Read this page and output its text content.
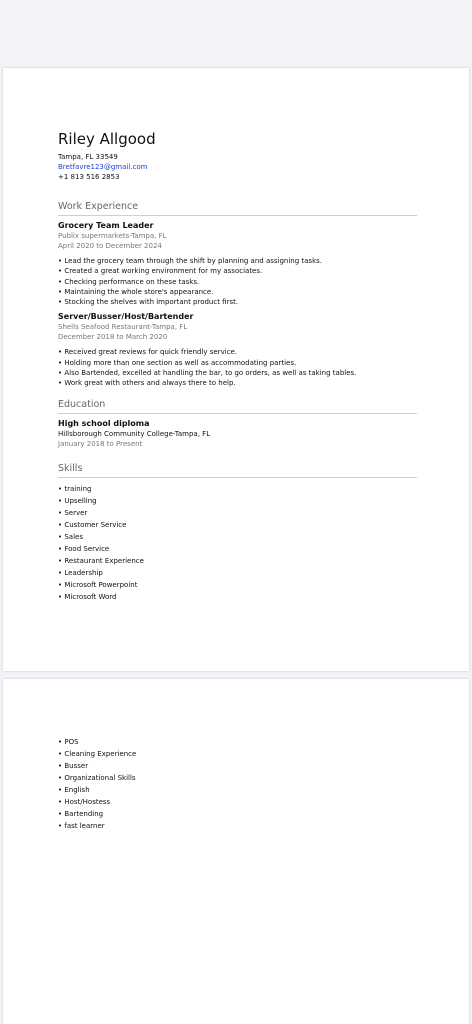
Riley Allgood
Tampa, FL 33549
Bretfavre123@gmail.com
+1 813 516 2853
Work Experience
Grocery Team Leader
Publix supermarkets-Tampa, FL
April 2020 to December 2024
• Lead the grocery team through the shift by planning and assigning tasks.
• Created a great working environment for my associates.
• Checking performance on these tasks.
• Maintaining the whole store's appearance.
• Stocking the shelves with important product first.
Server/Busser/Host/Bartender
Shells Seafood Restaurant-Tampa, FL
December 2018 to March 2020
• Received great reviews for quick friendly service.
• Holding more than one section as well as accommodating parties.
• Also Bartended, excelled at handling the bar, to go orders, as well as taking tables.
• Work great with others and always there to help.
Education
High school diploma
Hillsborough Community College-Tampa, FL
January 2018 to Present
Skills
• training
• Upselling
• Server
• Customer Service
• Sales
• Food Service
• Restaurant Experience
• Leadership
• Microsoft Powerpoint
• Microsoft Word
• POS
• Cleaning Experience
• Busser
• Organizational Skills
• English
• Host/Hostess
• Bartending
• fast learner
